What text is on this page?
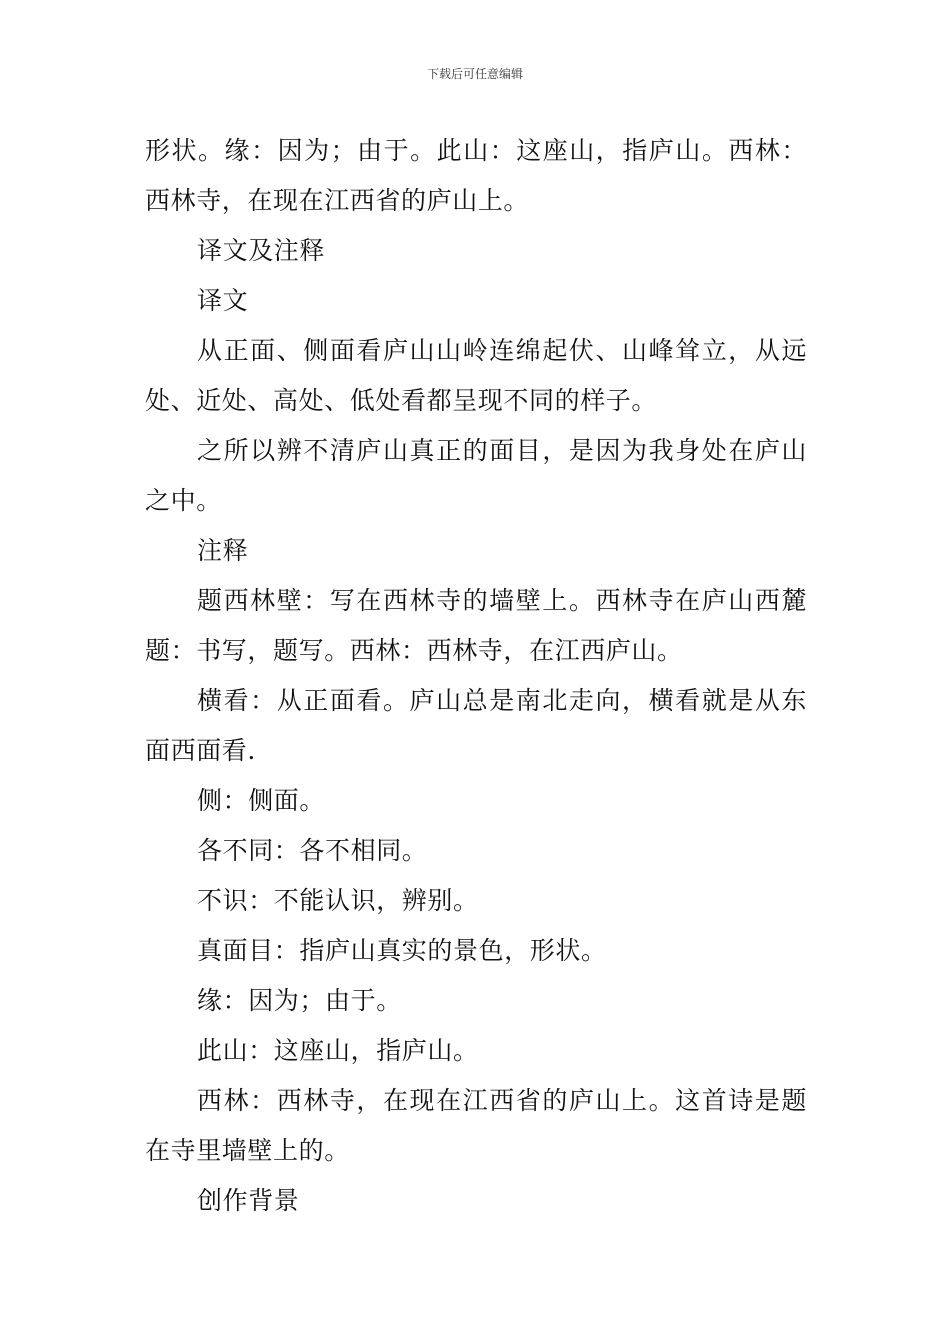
下载后可任意编辑

形状。缘：因为；由于。此山：这座山，指庐山。西林：西林寺，在现在江西省的庐山上。

译文及注释

译文

从正面、侧面看庐山山岭连绵起伏、山峰耸立，从远处、近处、高处、低处看都呈现不同的样子。

之所以辨不清庐山真正的面目，是因为我身处在庐山之中。

注释

题西林壁：写在西林寺的墙壁上。西林寺在庐山西麓题：书写，题写。西林：西林寺，在江西庐山。

横看：从正面看。庐山总是南北走向，横看就是从东面西面看.

侧：侧面。

各不同：各不相同。

不识：不能认识，辨别。

真面目：指庐山真实的景色，形状。

缘：因为；由于。

此山：这座山，指庐山。

西林：西林寺，在现在江西省的庐山上。这首诗是题在寺里墙壁上的。

创作背景
